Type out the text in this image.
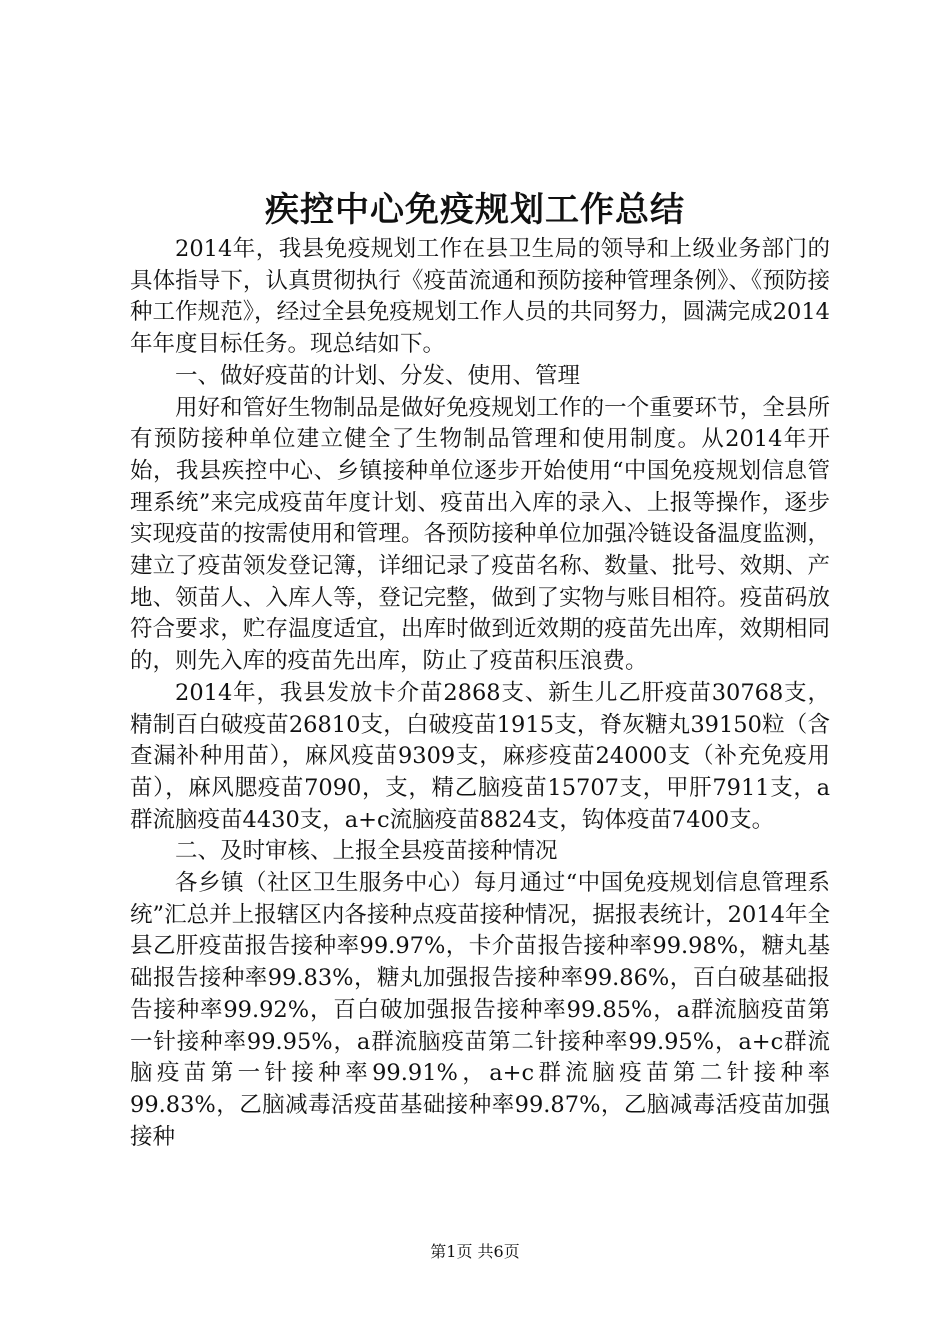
疾控中心免疫规划工作总结

2014年，我县免疫规划工作在县卫生局的领导和上级业务部门的具体指导下，认真贯彻执行《疫苗流通和预防接种管理条例》、《预防接种工作规范》，经过全县免疫规划工作人员的共同努力，圆满完成2014年年度目标任务。现总结如下。

一、做好疫苗的计划、分发、使用、管理

用好和管好生物制品是做好免疫规划工作的一个重要环节，全县所有预防接种单位建立健全了生物制品管理和使用制度。从2014年开始，我县疾控中心、乡镇接种单位逐步开始使用“中国免疫规划信息管理系统”来完成疫苗年度计划、疫苗出入库的录入、上报等操作，逐步实现疫苗的按需使用和管理。各预防接种单位加强冷链设备温度监测，建立了疫苗领发登记簿，详细记录了疫苗名称、数量、批号、效期、产地、领苗人、入库人等，登记完整，做到了实物与账目相符。疫苗码放符合要求，贮存温度适宜，出库时做到近效期的疫苗先出库，效期相同的，则先入库的疫苗先出库，防止了疫苗积压浪费。

2014年，我县发放卡介苗2868支、新生儿乙肝疫苗30768支，精制百白破疫苗26810支，白破疫苗1915支，脊灰糖丸39150粒（含查漏补种用苗），麻风疫苗9309支，麻疹疫苗24000支（补充免疫用苗），麻风腮疫苗7090，支，精乙脑疫苗15707支，甲肝7911支，a群流脑疫苗4430支，a+c流脑疫苗8824支，钩体疫苗7400支。

二、及时审核、上报全县疫苗接种情况

各乡镇（社区卫生服务中心）每月通过“中国免疫规划信息管理系统”汇总并上报辖区内各接种点疫苗接种情况，据报表统计，2014年全县乙肝疫苗报告接种率99.97%，卡介苗报告接种率99.98%，糖丸基础报告接种率99.83%，糖丸加强报告接种率99.86%，百白破基础报告接种率99.92%，百白破加强报告接种率99.85%，a群流脑疫苗第一针接种率99.95%，a群流脑疫苗第二针接种率99.95%，a+c群流脑疫苗第一针接种率99.91%，a+c群流脑疫苗第二针接种率99.83%，乙脑减毒活疫苗基础接种率99.87%，乙脑减毒活疫苗加强接种

第1页 共6页
